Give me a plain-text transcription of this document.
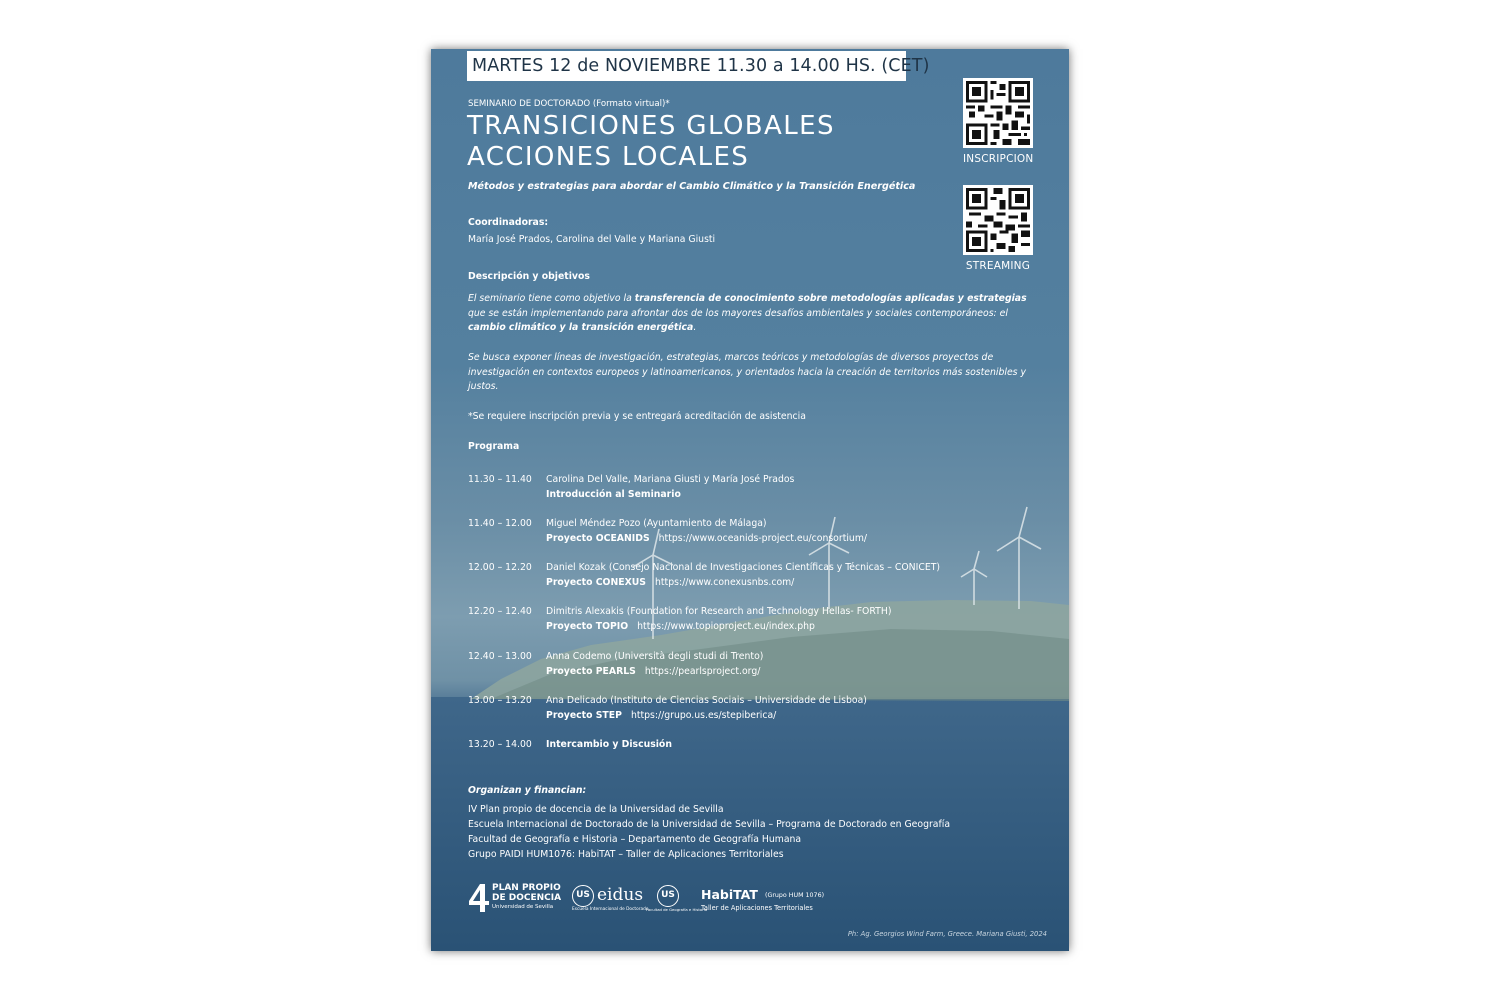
MARTES 12 de NOVIEMBRE 11.30 a 14.00 HS. (CET)
SEMINARIO DE DOCTORADO (Formato virtual)*
TRANSICIONES GLOBALES
ACCIONES LOCALES
Métodos y estrategias para abordar el Cambio Climático y la Transición Energética
INSCRIPCION
STREAMING
Coordinadoras:
María José Prados, Carolina del Valle y Mariana Giusti
Descripción y objetivos
El seminario tiene como objetivo la transferencia de conocimiento sobre metodologías aplicadas y estrategias que se están implementando para afrontar dos de los mayores desafíos ambientales y sociales contemporáneos: el cambio climático y la transición energética.
Se busca exponer líneas de investigación, estrategias, marcos teóricos y metodologías de diversos proyectos de investigación en contextos europeos y latinoamericanos, y orientados hacia la creación de territorios más sostenibles y justos.
*Se requiere inscripción previa y se entregará acreditación de asistencia
Programa
11.30 – 11.40 Carolina Del Valle, Mariana Giusti y María José Prados
Introducción al Seminario
11.40 – 12.00 Miguel Méndez Pozo (Ayuntamiento de Málaga)
Proyecto OCEANIDS https://www.oceanids-project.eu/consortium/
12.00 – 12.20 Daniel Kozak (Consejo Nacional de Investigaciones Científicas y Técnicas – CONICET)
Proyecto CONEXUS https://www.conexusnbs.com/
12.20 – 12.40 Dimitris Alexakis (Foundation for Research and Technology Hellas- FORTH)
Proyecto TOPIO https://www.topioproject.eu/index.php
12.40 – 13.00 Anna Codemo (Università degli studi di Trento)
Proyecto PEARLS https://pearlsproject.org/
13.00 – 13.20 Ana Delicado (Instituto de Ciencias Sociais – Universidade de Lisboa)
Proyecto STEP https://grupo.us.es/stepiberica/
13.20 – 14.00 Intercambio y Discusión
Organizan y financian:
IV Plan propio de docencia de la Universidad de Sevilla
Escuela Internacional de Doctorado de la Universidad de Sevilla – Programa de Doctorado en Geografía
Facultad de Geografía e Historia – Departamento de Geografía Humana
Grupo PAIDI HUM1076: HabiTAT – Taller de Aplicaciones Territoriales
PLAN PROPIO
DE DOCENCIA
Universidad de Sevilla
US eidus
Escuela Internacional de Doctorado
US
Facultad de Geografía e Historia
HabiTAT (Grupo HUM 1076)
Taller de Aplicaciones Territoriales
Ph: Ag. Georgios Wind Farm, Greece. Mariana Giusti, 2024
